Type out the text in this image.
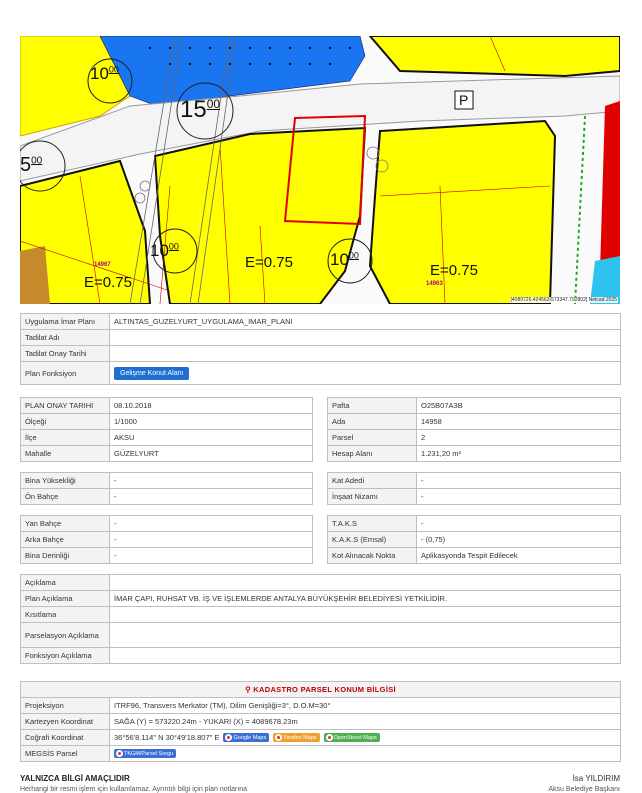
$10^{00}$
$15^{00}$
$5^{00}$
$10^{00}$
$10^{00}$
P
E=0.75
E=0.75	E=0.75
14967
14963
[4089726.424562-573347.792802] Netcad 2025
Uygulama İmar Planı	ALTINTAS_GUZELYURT_UYGULAMA_IMAR_PLANI
Tadilat Adı	
Tadilat Onay Tarihi	
Plan Fonksiyon	Gelişme Konut Alanı
PLAN ONAY TARIHI	08.10.2018
Ölçeği	1/1000
İlçe	AKSU
Mahalle	GÜZELYURT
Pafta	O25B07A3B
Ada	14958
Parsel	2
Hesap Alanı	1.231,20 m²
Bina Yüksekliği	-
Ön Bahçe	-
Kat Adedi	-
İnşaat Nizamı	-
Yan Bahçe	-
Arka Bahçe	-
Bina Derinliği	-
T.A.K.S	-
K.A.K.S (Emsal)	- (0,75)
Kot Alınacak Nokta	Aplikasyonda Tespit Edilecek
Açıklama	
Plan Açıklama	İMAR ÇAPI, RUHSAT VB. İŞ VE İŞLEMLERDE ANTALYA BÜYÜKŞEHİR BELEDİYESİ YETKİLİDİR.
Kısıtlama	
Parselasyon Açıklama	
Fonksiyon Açıklama	
⚲ KADASTRO PARSEL KONUM BİLGİSİ	
Projeksiyon	ITRF96, Transvers Merkator (TM), Dilim Genişliği=3°, D.O.M=30°
Kartezyen Koordinat	SAĞA (Y) = 573220.24m - YUKARI (X) = 4089678.23m
Coğrafi Koordinat	36°56'8.114" N 30°49'18.807" E Google Maps Yandex Maps OpenStreet Maps
MEGSİS Parsel	TKGM/Parsel Sorgu
YALNIZCA BİLGİ AMAÇLIDIR
Herhangi bir resmi işlem için kullanılamaz. Ayrıntılı bilgi için plan notlarına
İsa YILDIRIM
Aksu Belediye Başkanı
